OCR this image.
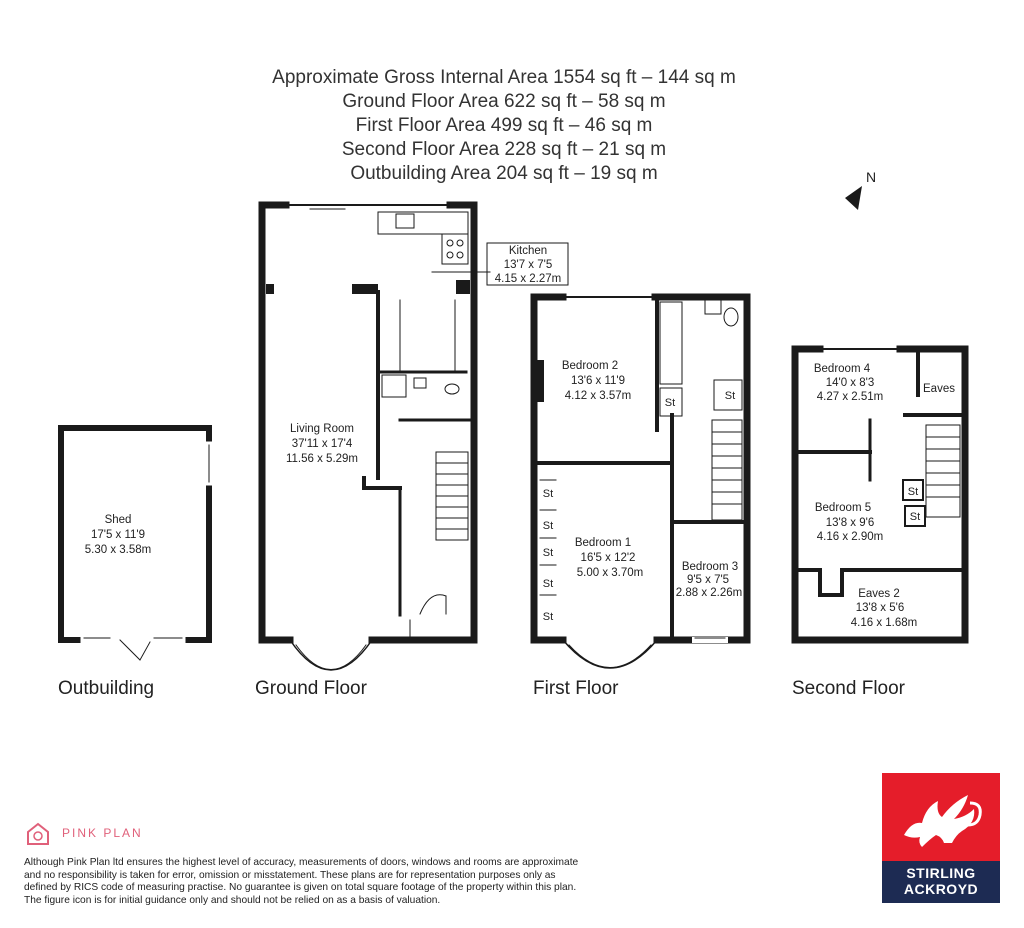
Approximate Gross Internal Area 1554 sq ft – 144 sq m
Ground Floor Area 622 sq ft – 58 sq m
First Floor Area 499 sq ft – 46 sq m
Second Floor Area 228 sq ft – 21 sq m
Outbuilding Area 204 sq ft – 19 sq m	N
Shed
17'5 x 11'9
5.30 x 3.58m
Kitchen
13'7 x 7'5
4.15 x 2.27m
Living Room
37'11 x 17'4
11.56 x 5.29m
Bedroom 2
13'6 x 11'9
4.12 x 3.57m
Bedroom 1
16'5 x 12'2
5.00 x 3.70m	Bedroom 3
9'5 x 7'5
2.88 x 2.26m
Bedroom 4
14'0 x 8'3
4.27 x 2.51m
Eaves
Bedroom 5
13'8 x 9'6
4.16 x 2.90m
Eaves 2
13'8 x 5'6
4.16 x 1.68m
St
St
St
St
St
St
St
St
St
Outbuilding	Ground Floor	First Floor	Second Floor
PINK PLAN
Although Pink Plan ltd ensures the highest level of accuracy, measurements of doors, windows and rooms are approximate and no responsibility is taken for error, omission or misstatement. These plans are for representation purposes only as defined by RICS code of measuring practise. No guarantee is given on total square footage of the property within this plan. The figure icon is for initial guidance only and should not be relied on as a basis of valuation.
STIRLING
ACKROYD
